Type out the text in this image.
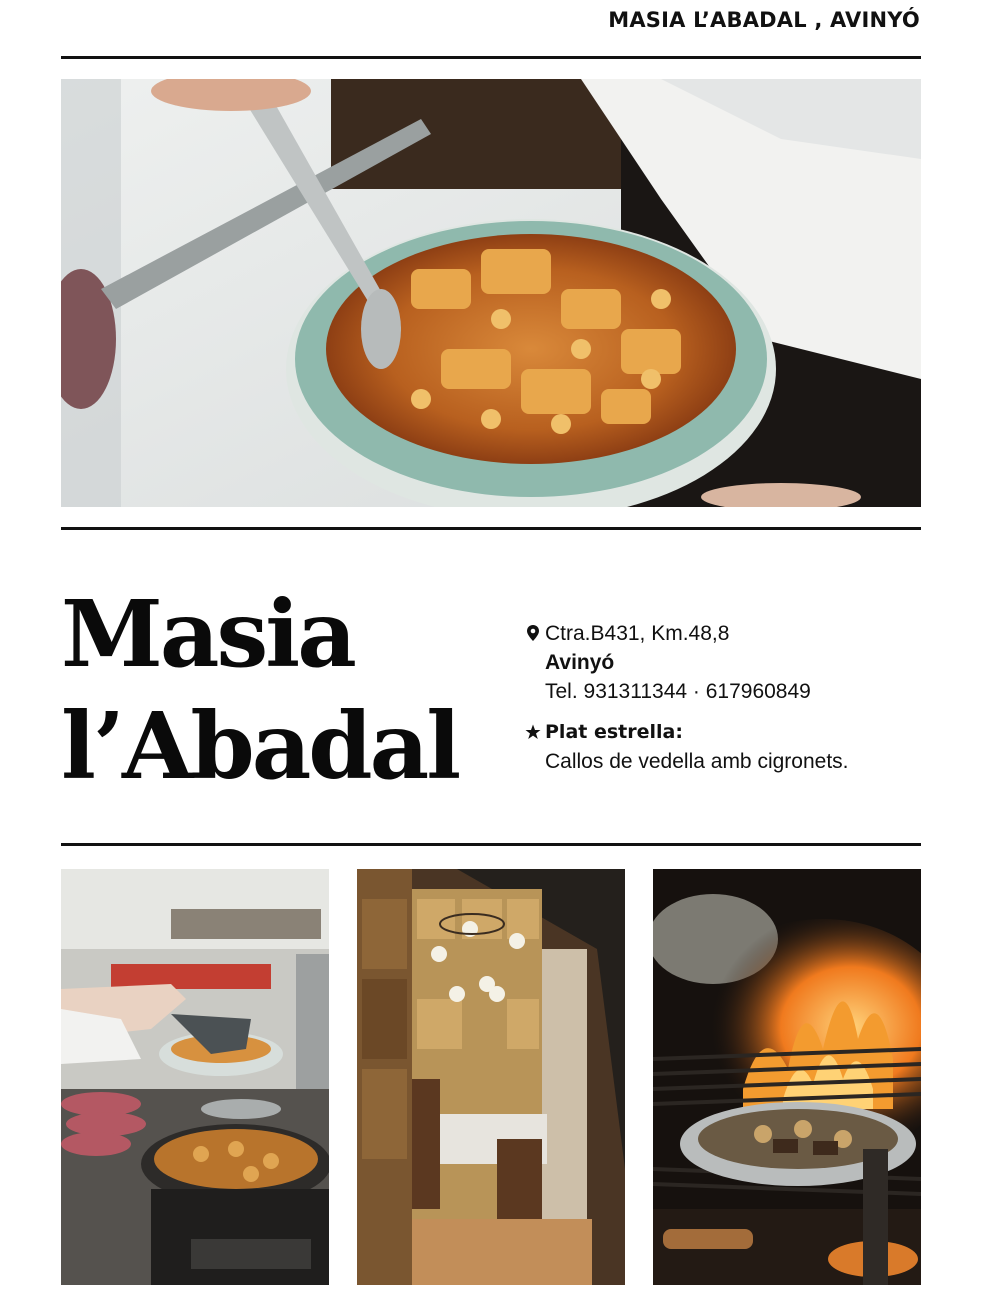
MASIA L’ABADAL , AVINYÓ
Masia
l’Abadal
Ctra.B431, Km.48,8
Avinyó
Tel. 931311344 · 617960849
Plat estrella:
Callos de vedella amb cigronets.
